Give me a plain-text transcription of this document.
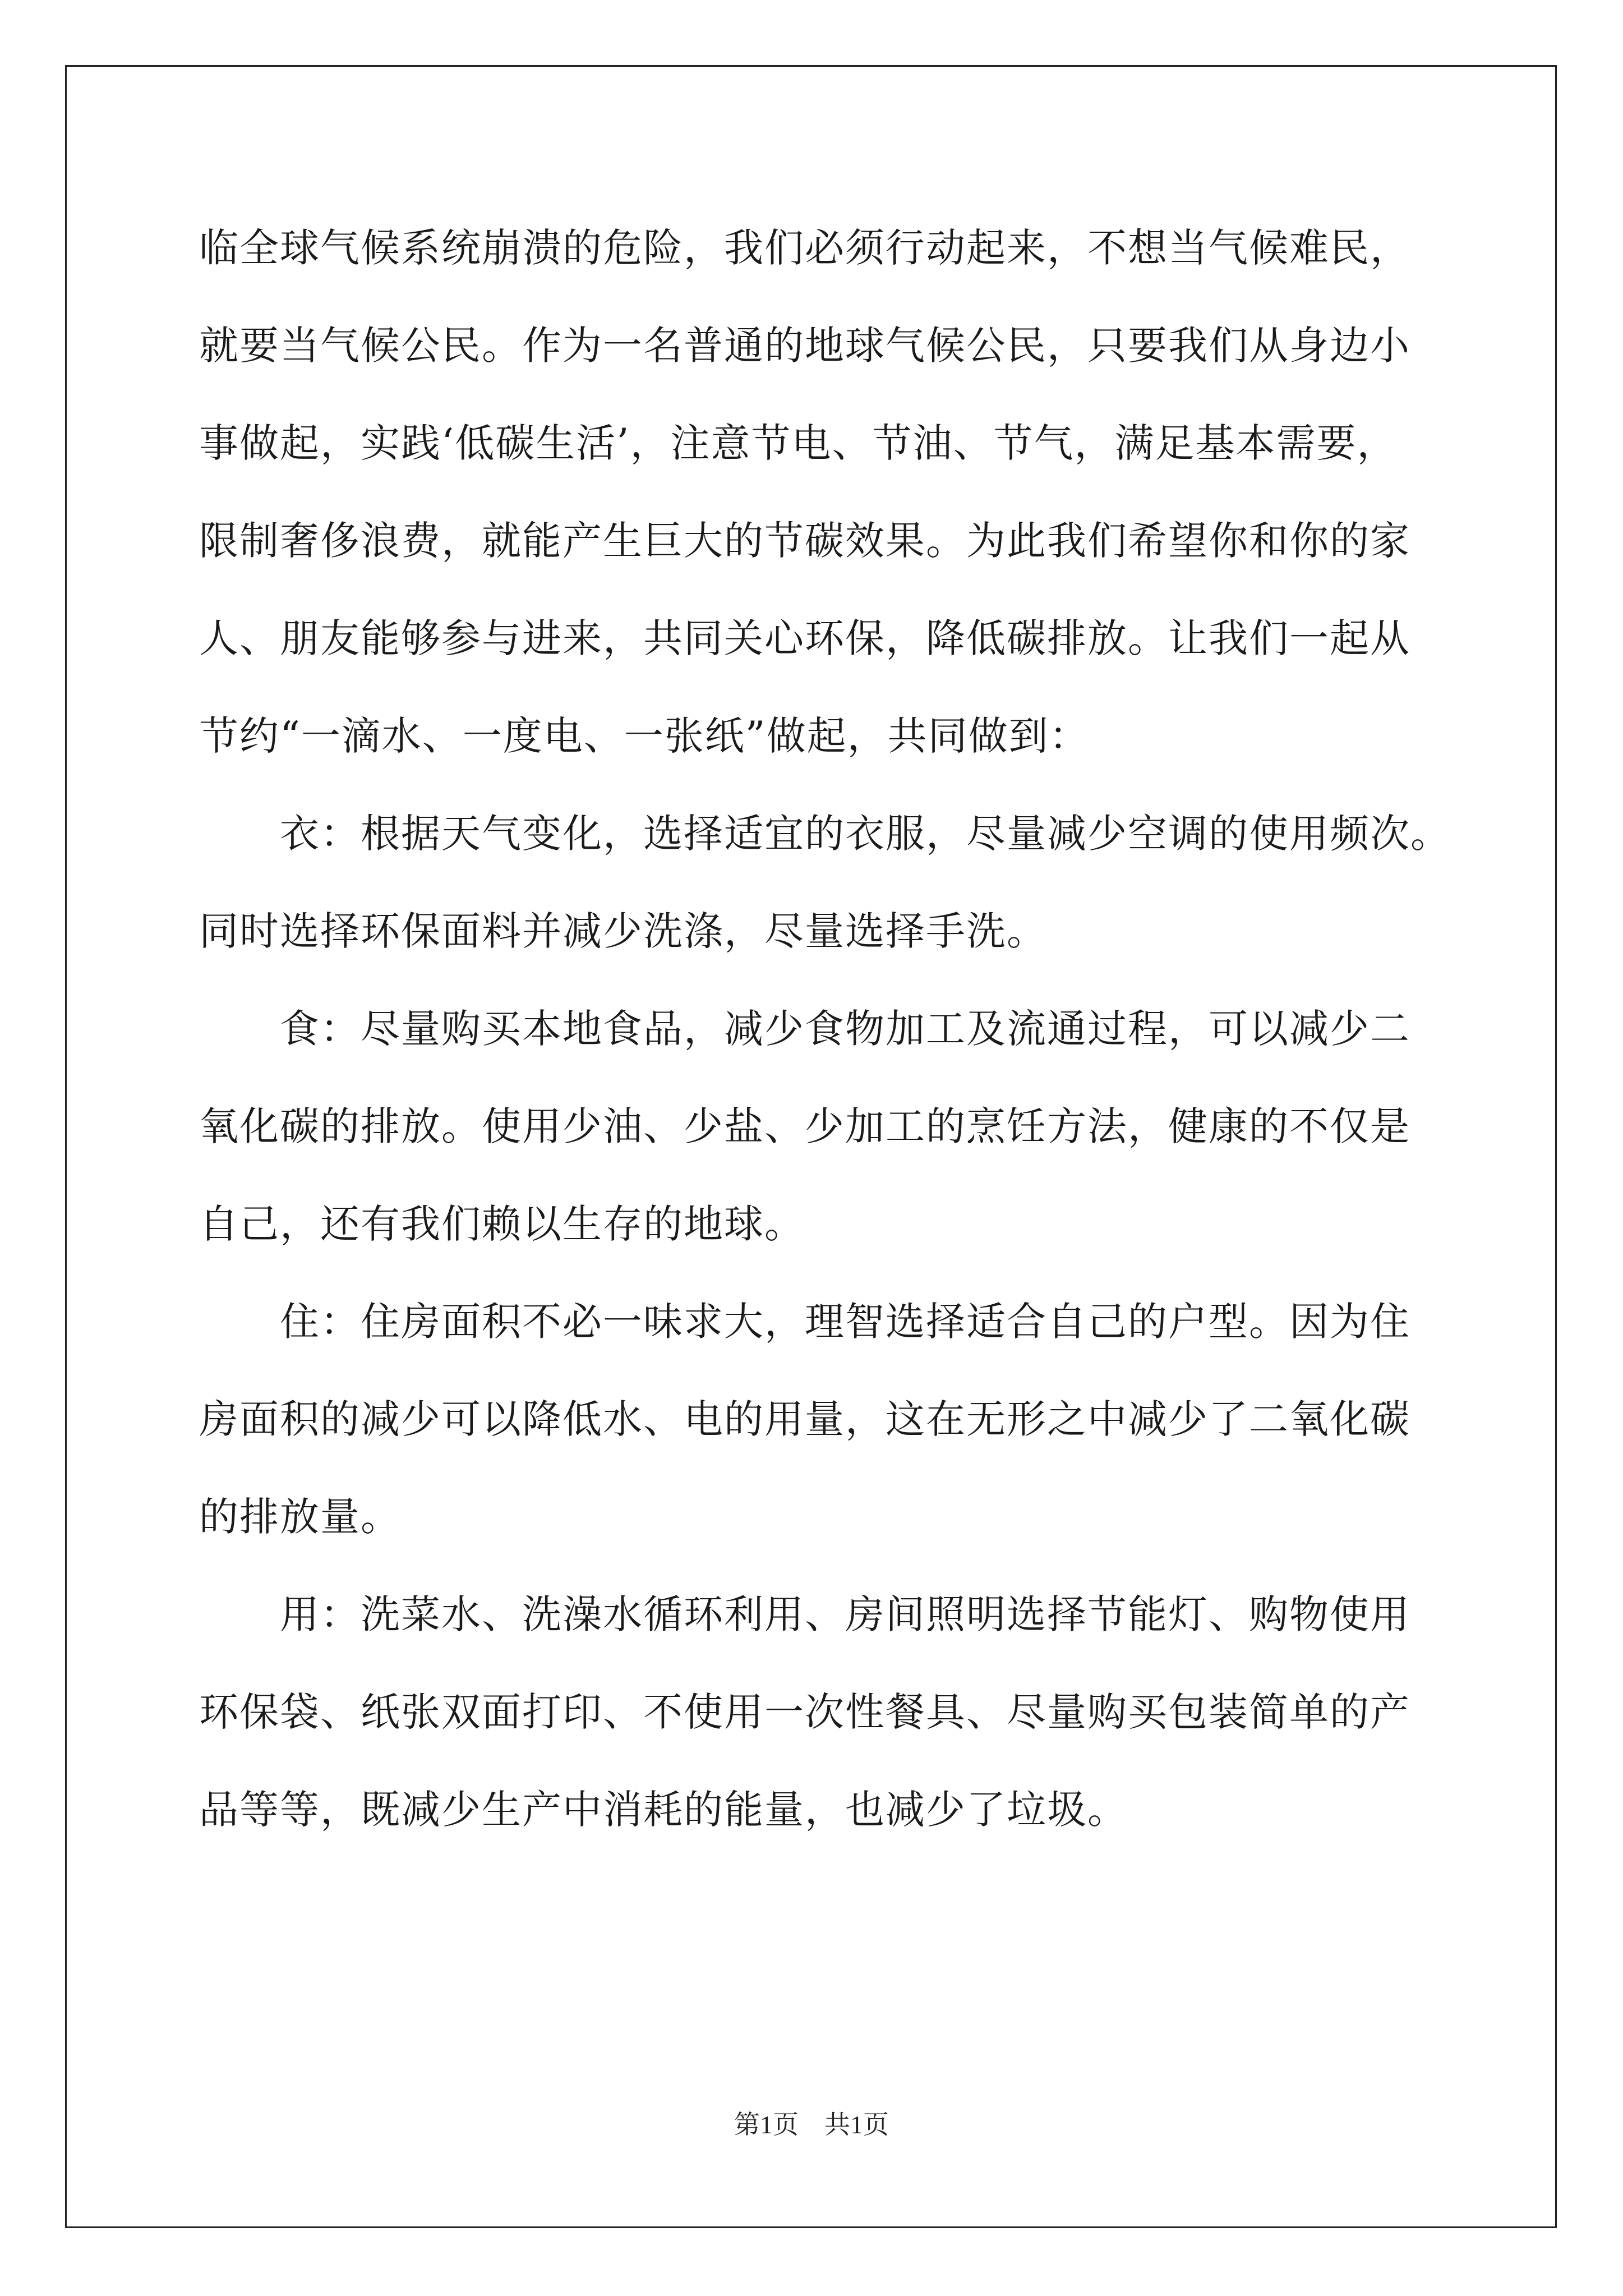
临全球气候系统崩溃的危险，我们必须行动起来，不想当气候难民，

就要当气候公民。作为一名普通的地球气候公民，只要我们从身边小

事做起，实践‘低碳生活’，注意节电、节油、节气，满足基本需要，

限制奢侈浪费，就能产生巨大的节碳效果。为此我们希望你和你的家

人、朋友能够参与进来，共同关心环保，降低碳排放。让我们一起从

节约“一滴水、一度电、一张纸”做起，共同做到：

　　衣：根据天气变化，选择适宜的衣服，尽量减少空调的使用频次。

同时选择环保面料并减少洗涤，尽量选择手洗。

　　食：尽量购买本地食品，减少食物加工及流通过程，可以减少二

氧化碳的排放。使用少油、少盐、少加工的烹饪方法，健康的不仅是

自己，还有我们赖以生存的地球。

　　住：住房面积不必一味求大，理智选择适合自己的户型。因为住

房面积的减少可以降低水、电的用量，这在无形之中减少了二氧化碳

的排放量。

　　用：洗菜水、洗澡水循环利用、房间照明选择节能灯、购物使用

环保袋、纸张双面打印、不使用一次性餐具、尽量购买包装简单的产

品等等，既减少生产中消耗的能量，也减少了垃圾。

第1页　共1页
